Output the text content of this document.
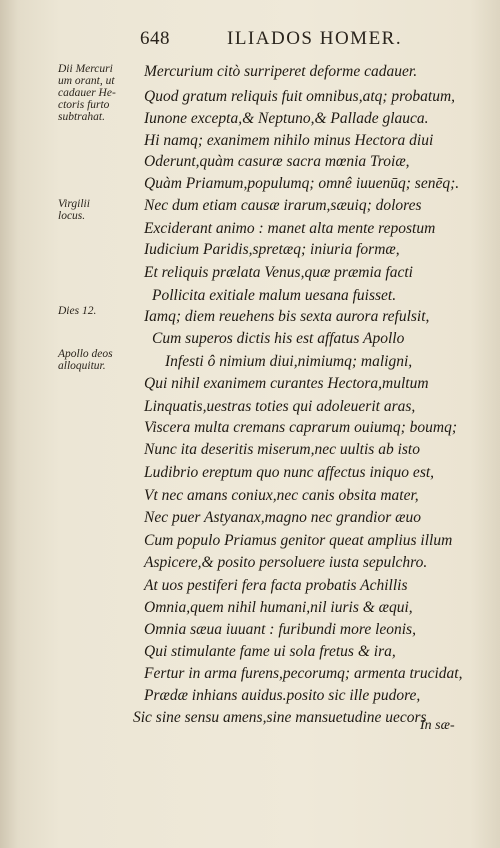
648	ILIADOS HOMER.
Dii Mercuri
um orant, ut
cadauer He-
ctoris furto
subtrahat.
Virgilii
locus.
Dies 12.
Apollo deos
alloquitur.
Mercurium citò surriperet deforme cadauer.
Quod gratum reliquis fuit omnibus,atq; probatum,
Iunone excepta,& Neptuno,& Pallade glauca.
Hi namq; exanimem nihilo minus Hectora diui
Oderunt,quàm casuræ sacra mœnia Troiæ,
Quàm Priamum,populumq; omnê iuuenūq; senēq;.
Nec dum etiam causæ irarum,sæuiq; dolores
Exciderant animo : manet alta mente repostum
Iudicium Paridis,spretæq; iniuria formæ,
Et reliquis prælata Venus,quæ præmia facti
Pollicita exitiale malum uesana fuisset.
Iamq; diem reuehens bis sexta aurora refulsit,
Cum superos dictis his est affatus Apollo
Infesti ô nimium diui,nimiumq; maligni,
Qui nihil exanimem curantes Hectora,multum
Linquatis,uestras toties qui adoleuerit aras,
Viscera multa cremans caprarum ouiumq; boumq;
Nunc ita deseritis miserum,nec uultis ab isto
Ludibrio ereptum quo nunc affectus iniquo est,
Vt nec amans coniux,nec canis obsita mater,
Nec puer Astyanax,magno nec grandior æuo
Cum populo Priamus genitor queat amplius illum
Aspicere,& posito persoluere iusta sepulchro.
At uos pestiferi fera facta probatis Achillis
Omnia,quem nihil humani,nil iuris & æqui,
Omnia sæua iuuant : furibundi more leonis,
Qui stimulante fame ui sola fretus & ira,
Fertur in arma furens,pecorumq; armenta trucidat,
Prædæ inhians auidus.posito sic ille pudore,
Sic sine sensu amens,sine mansuetudine uecors
In sæ-
